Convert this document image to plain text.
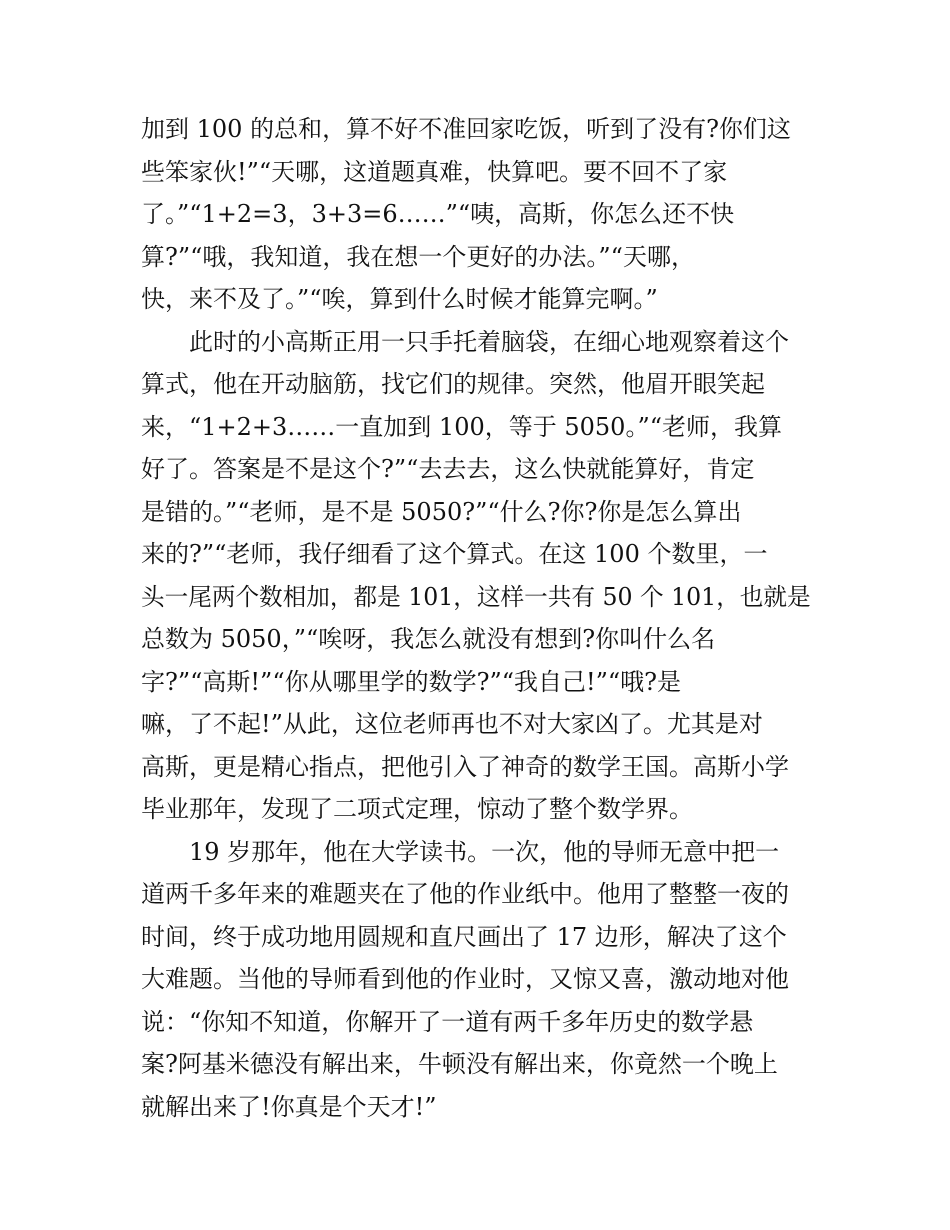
加到 100 的总和，算不好不准回家吃饭，听到了没有?你们这
些笨家伙!”“天哪，这道题真难，快算吧。要不回不了家
了。”“1+2=3，3+3=6……”“咦，高斯，你怎么还不快
算?”“哦，我知道，我在想一个更好的办法。”“天哪，
快，来不及了。”“唉，算到什么时候才能算完啊。”
　　此时的小高斯正用一只手托着脑袋，在细心地观察着这个
算式，他在开动脑筋，找它们的规律。突然，他眉开眼笑起
来，“1+2+3……一直加到 100，等于 5050。”“老师，我算
好了。答案是不是这个?”“去去去，这么快就能算好，肯定
是错的。”“老师，是不是 5050?”“什么?你?你是怎么算出
来的?”“老师，我仔细看了这个算式。在这 100 个数里，一
头一尾两个数相加，都是 101，这样一共有 50 个 101，也就是
总数为 5050，”“唉呀，我怎么就没有想到?你叫什么名
字?”“高斯!”“你从哪里学的数学?”“我自己!”“哦?是
嘛，了不起!”从此，这位老师再也不对大家凶了。尤其是对
高斯，更是精心指点，把他引入了神奇的数学王国。高斯小学
毕业那年，发现了二项式定理，惊动了整个数学界。
　　19 岁那年，他在大学读书。一次，他的导师无意中把一
道两千多年来的难题夹在了他的作业纸中。他用了整整一夜的
时间，终于成功地用圆规和直尺画出了 17 边形，解决了这个
大难题。当他的导师看到他的作业时，又惊又喜，激动地对他
说：“你知不知道，你解开了一道有两千多年历史的数学悬
案?阿基米德没有解出来，牛顿没有解出来，你竟然一个晚上
就解出来了!你真是个天才!”
